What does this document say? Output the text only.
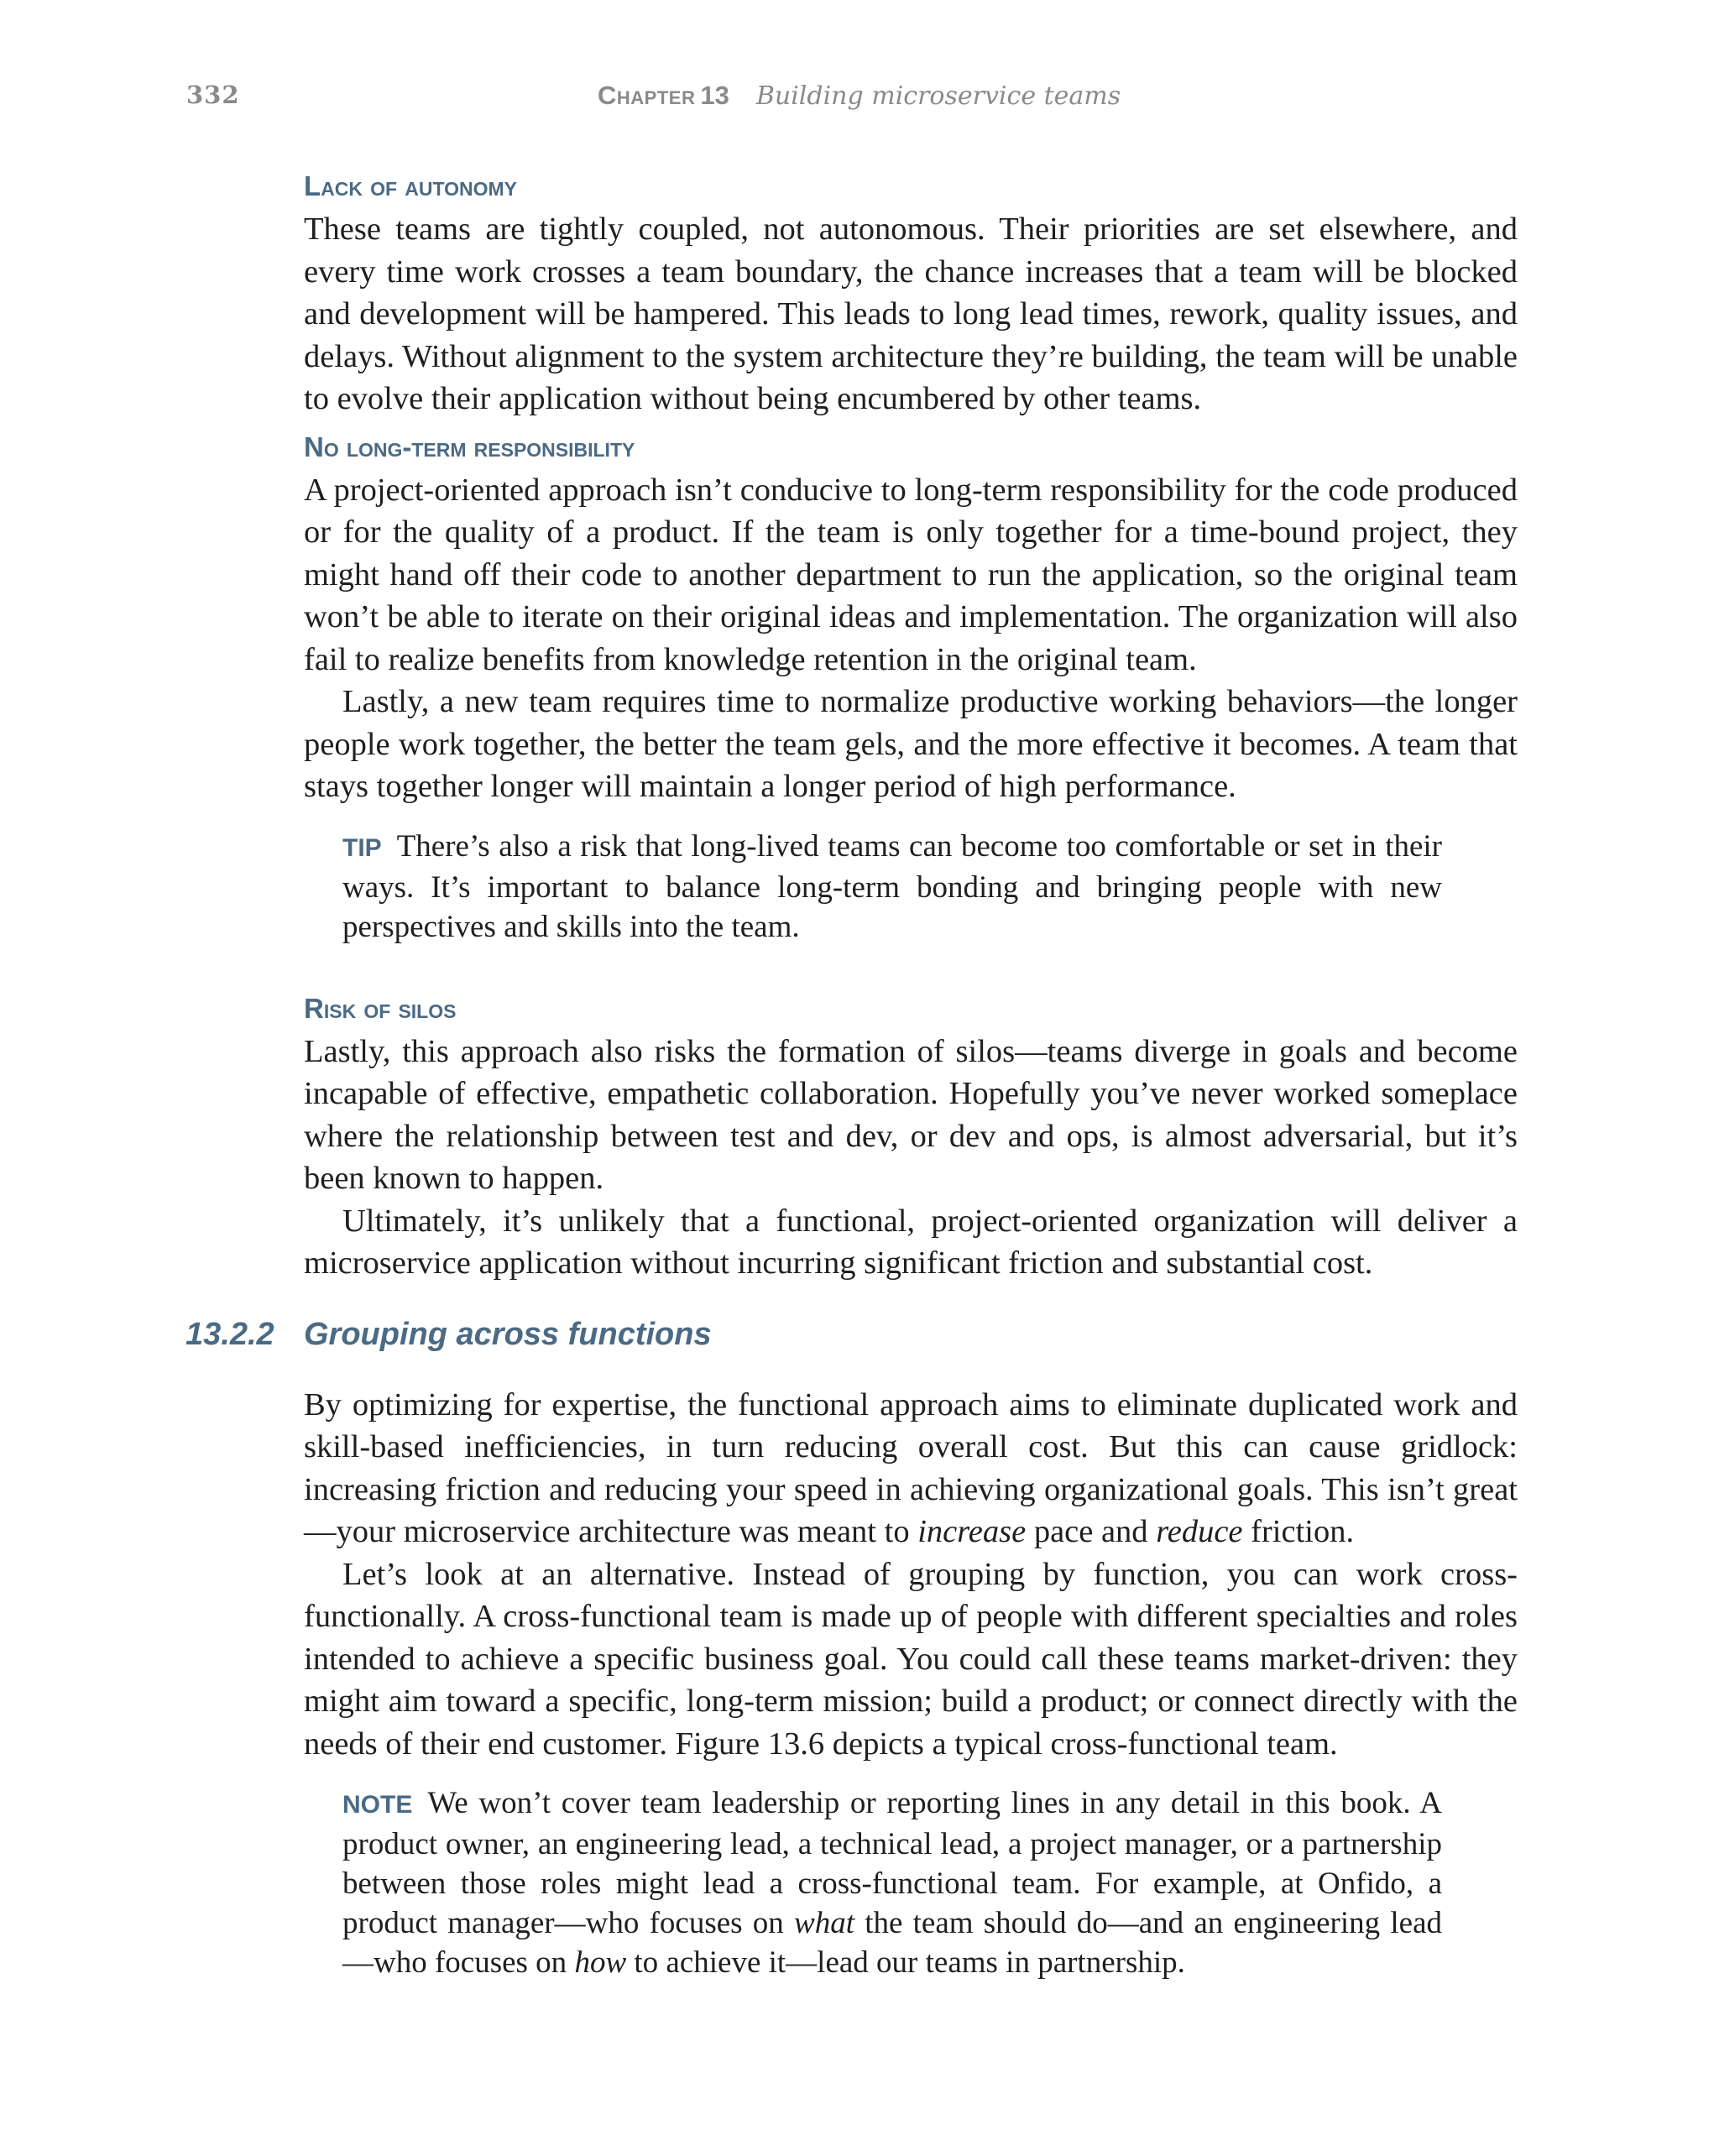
332	Chapter 13 Building microservice teams
Lack of autonomy

These teams are tightly coupled, not autonomous. Their priorities are set elsewhere, and every time work crosses a team boundary, the chance increases that a team will be blocked and development will be hampered. This leads to long lead times, rework, quality issues, and delays. Without alignment to the system architecture they’re building, the team will be unable to evolve their application without being encumbered by other teams.

No long-term responsibility

A project-oriented approach isn’t conducive to long-term responsibility for the code produced or for the quality of a product. If the team is only together for a time-bound project, they might hand off their code to another department to run the application, so the original team won’t be able to iterate on their original ideas and implementation. The organization will also fail to realize benefits from knowledge retention in the original team.

Lastly, a new team requires time to normalize productive working behaviors—the longer people work together, the better the team gels, and the more effective it becomes. A team that stays together longer will maintain a longer period of high performance.

TIP There’s also a risk that long-lived teams can become too comfortable or set in their ways. It’s important to balance long-term bonding and bringing people with new perspectives and skills into the team.
Risk of silos

Lastly, this approach also risks the formation of silos—teams diverge in goals and become incapable of effective, empathetic collaboration. Hopefully you’ve never worked someplace where the relationship between test and dev, or dev and ops, is almost adversarial, but it’s been known to happen.

Ultimately, it’s unlikely that a functional, project-oriented organization will deliver a microservice application without incurring significant friction and substantial cost.

13.2.2 Grouping across functions

By optimizing for expertise, the functional approach aims to eliminate duplicated work and skill-based inefficiencies, in turn reducing overall cost. But this can cause gridlock: increasing friction and reducing your speed in achieving organizational goals. This isn’t great—your microservice architecture was meant to increase pace and reduce friction.

Let’s look at an alternative. Instead of grouping by function, you can work cross-functionally. A cross-functional team is made up of people with different specialties and roles intended to achieve a specific business goal. You could call these teams market-driven: they might aim toward a specific, long-term mission; build a product; or connect directly with the needs of their end customer. Figure 13.6 depicts a typical cross-functional team.

NOTE We won’t cover team leadership or reporting lines in any detail in this book. A product owner, an engineering lead, a technical lead, a project manager, or a partnership between those roles might lead a cross-functional team. For example, at Onfido, a product manager—who focuses on what the team should do—and an engineering lead—who focuses on how to achieve it—lead our teams in partnership.
